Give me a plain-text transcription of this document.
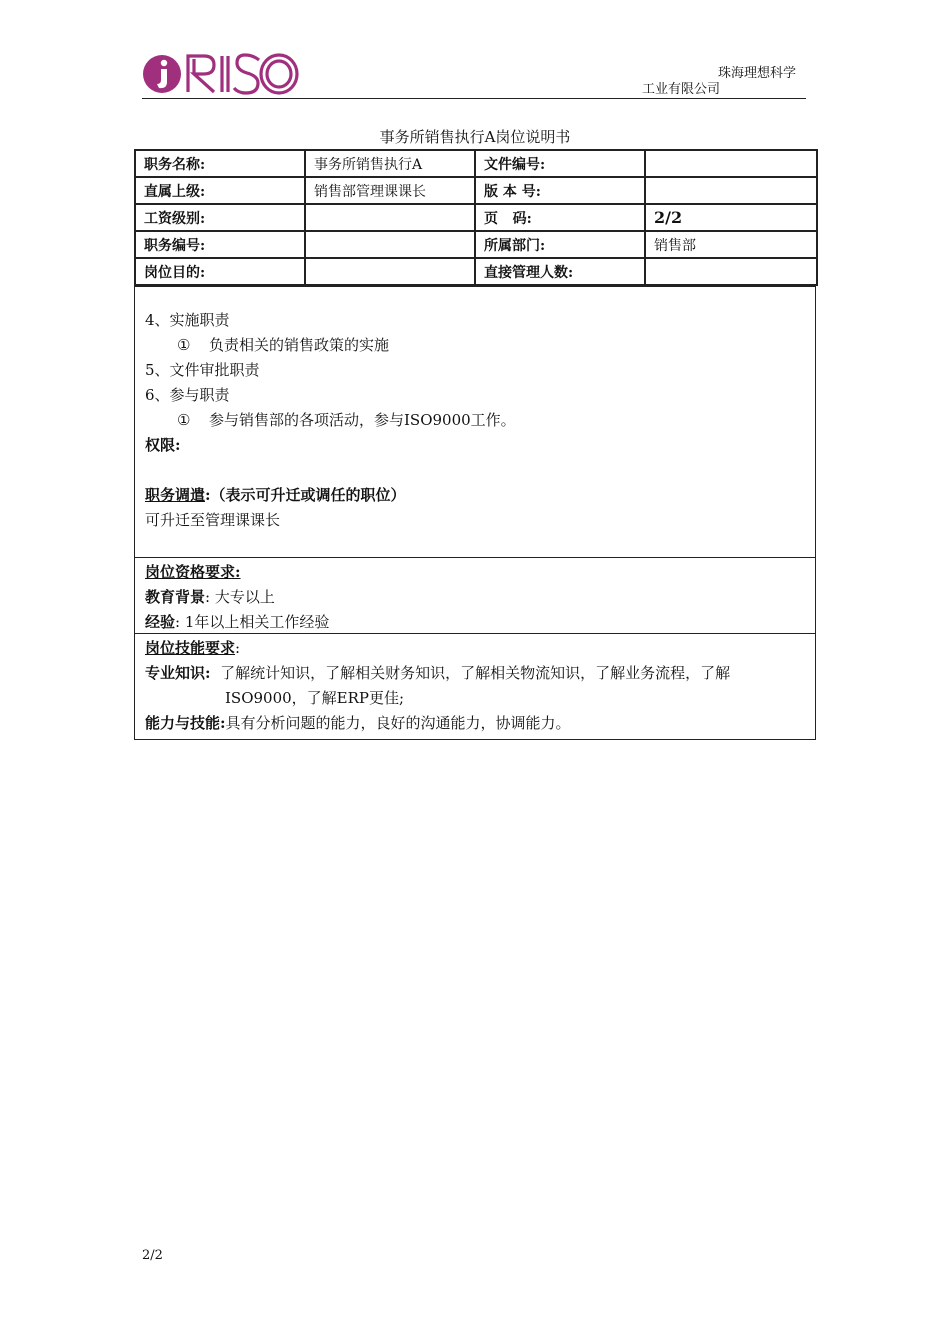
珠海理想科学
工业有限公司
事务所销售执行A岗位说明书
职务名称:	事务所销售执行A	文件编号:	
直属上级:	销售部管理课课长	版 本 号:	
工资级别:		页   码:	2/2
职务编号:		所属部门:	销售部
岗位目的:		直接管理人数:	
4、实施职责
① 负责相关的销售政策的实施
5、文件审批职责
6、参与职责
① 参与销售部的各项活动，参与ISO9000工作。
权限:
职务调遣:（表示可升迁或调任的职位）
可升迁至管理课课长
岗位资格要求:
教育背景: 大专以上
经验: 1年以上相关工作经验
岗位技能要求:
专业知识: 了解统计知识，了解相关财务知识，了解相关物流知识，了解业务流程，了解
ISO9000，了解ERP更佳;
能力与技能:具有分析问题的能力，良好的沟通能力，协调能力。
2/2
